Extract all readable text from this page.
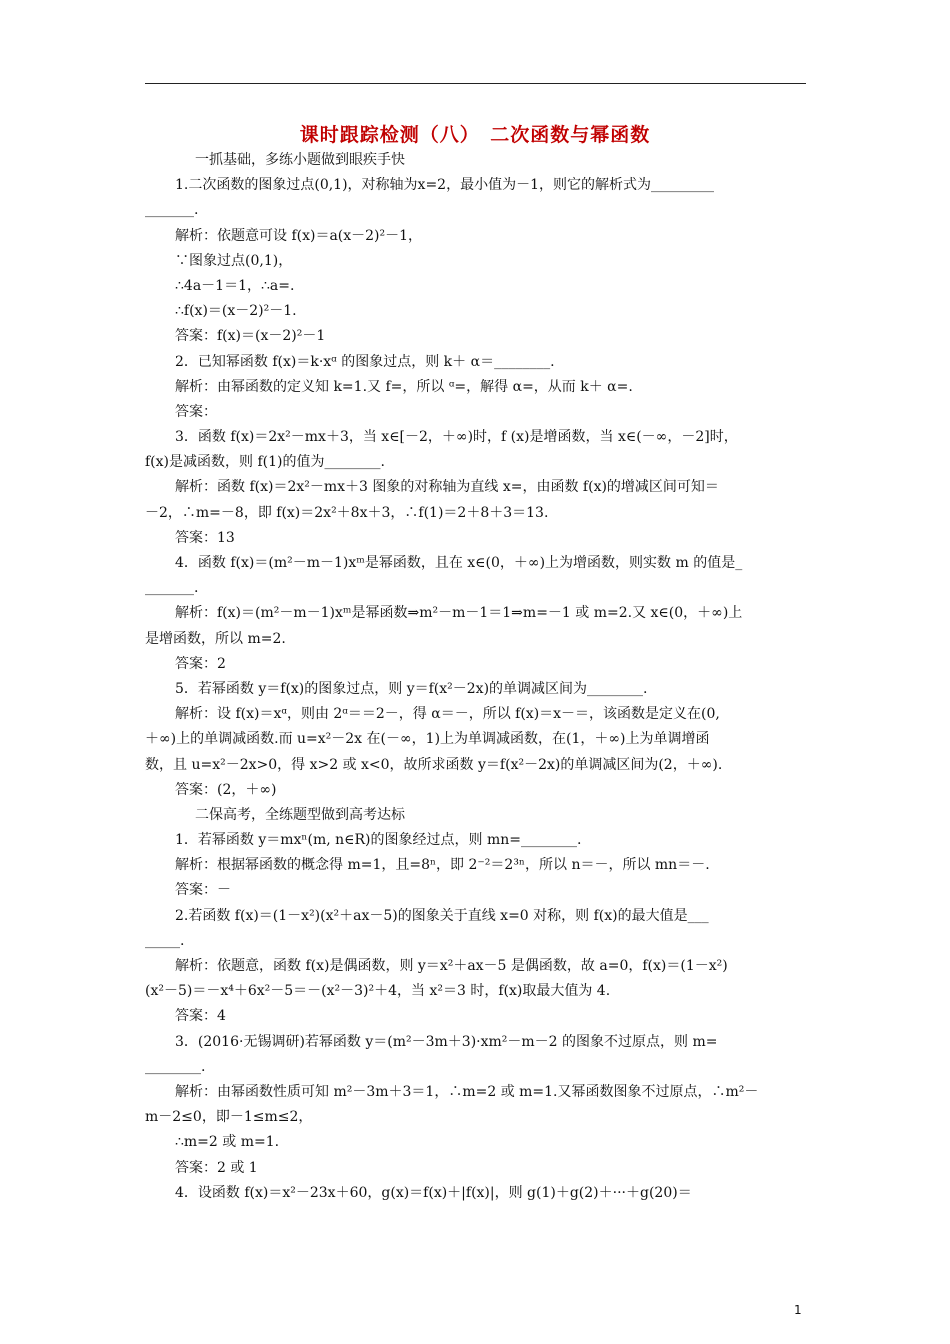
课时跟踪检测（八）　二次函数与幂函数
一抓基础，多练小题做到眼疾手快
1.二次函数的图象过点(0,1)，对称轴为x=2，最小值为－1，则它的解析式为_________
_______.
解析：依题意可设 f(x)＝a(x－2)²－1，
∵图象过点(0,1)，
∴4a－1＝1，∴a=.
∴f(x)＝(x－2)²－1.
答案：f(x)＝(x－2)²－1
2．已知幂函数 f(x)＝k·xᵅ 的图象过点，则 k＋ α＝________.
解析：由幂函数的定义知 k=1.又 f=，所以 ᵅ=，解得 α=，从而 k＋ α=.
答案：
3．函数 f(x)＝2x²－mx＋3，当 x∈[－2，＋∞)时，f (x)是增函数，当 x∈(－∞，－2]时，
f(x)是减函数，则 f(1)的值为________.
解析：函数 f(x)＝2x²－mx＋3 图象的对称轴为直线 x=，由函数 f(x)的增减区间可知＝
－2，∴m=－8，即 f(x)＝2x²＋8x＋3，∴f(1)＝2＋8＋3＝13.
答案：13
4．函数 f(x)＝(m²－m－1)xᵐ是幂函数，且在 x∈(0，＋∞)上为增函数，则实数 m 的值是_
_______.
解析：f(x)＝(m²－m－1)xᵐ是幂函数⇒m²－m－1＝1⇒m=－1 或 m=2.又 x∈(0，＋∞)上
是增函数，所以 m=2.
答案：2
5．若幂函数 y＝f(x)的图象过点，则 y＝f(x²－2x)的单调减区间为________.
解析：设 f(x)＝xᵅ，则由 2ᵅ＝＝2－，得 α＝－，所以 f(x)＝x－＝，该函数是定义在(0,
＋∞)上的单调减函数.而 u=x²－2x 在(－∞，1)上为单调减函数，在(1，＋∞)上为单调增函
数，且 u=x²－2x>0，得 x>2 或 x<0，故所求函数 y＝f(x²－2x)的单调减区间为(2，＋∞).
答案：(2，＋∞)
二保高考，全练题型做到高考达标
1．若幂函数 y＝mxⁿ(m, n∈R)的图象经过点，则 mn=________.
解析：根据幂函数的概念得 m=1，且=8ⁿ，即 2⁻²＝2³ⁿ，所以 n＝－，所以 mn＝－.
答案：－
2.若函数 f(x)＝(1－x²)(x²＋ax－5)的图象关于直线 x=0 对称，则 f(x)的最大值是___
_____.
解析：依题意，函数 f(x)是偶函数，则 y＝x²＋ax－5 是偶函数，故 a=0，f(x)＝(1－x²)
(x²－5)＝－x⁴＋6x²－5＝－(x²－3)²＋4，当 x²＝3 时，f(x)取最大值为 4.
答案：4
3．(2016·无锡调研)若幂函数 y＝(m²－3m＋3)·xm²－m－2 的图象不过原点，则 m=
________.
解析：由幂函数性质可知 m²－3m＋3＝1，∴m=2 或 m=1.又幂函数图象不过原点，∴m²－
m－2≤0，即－1≤m≤2，
∴m=2 或 m=1.
答案：2 或 1
4．设函数 f(x)＝x²－23x＋60，g(x)＝f(x)＋|f(x)|，则 g(1)＋g(2)＋···＋g(20)＝
1
